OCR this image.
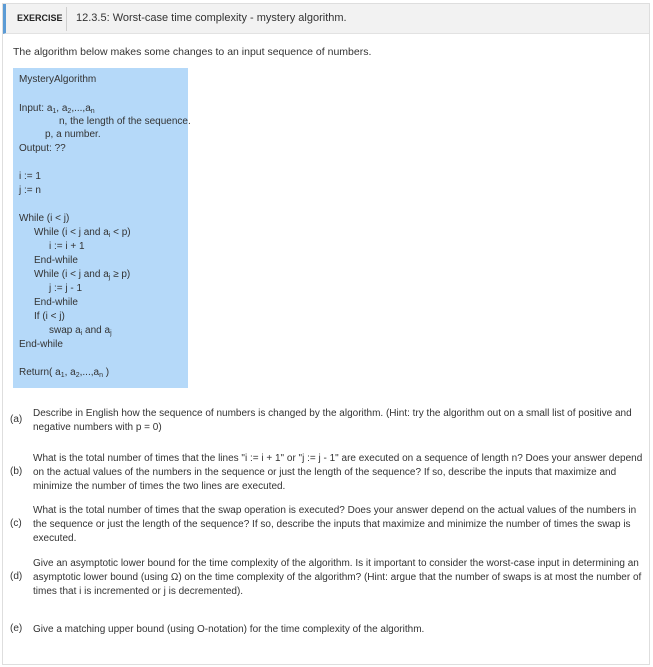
EXERCISE 12.3.5: Worst-case time complexity - mystery algorithm.
The algorithm below makes some changes to an input sequence of numbers.
MysteryAlgorithm
Input: $a_1$, $a_2,...,a_n$
n, the length of the sequence.
p, a number.
Output: ??
i := 1
j := n
While (i < j)
While (i < j and $a_i < p$)
i := i + 1
End-while
While (i < j and $a_j \ge p$)
j := j - 1
End-while
If (i < j)
swap $a_i$ and $a_j$
End-while
Return( $a_1$, $a_2,...,a_n$ )
(a)
Describe in English how the sequence of numbers is changed by the algorithm. (Hint: try the algorithm out on a small list of positive and negative numbers with p = 0)
(b)
What is the total number of times that the lines "i := i + 1" or "j := j - 1" are executed on a sequence of length n? Does your answer depend on the actual values of the numbers in the sequence or just the length of the sequence? If so, describe the inputs that maximize and minimize the number of times the two lines are executed.
(c)
What is the total number of times that the swap operation is executed? Does your answer depend on the actual values of the numbers in the sequence or just the length of the sequence? If so, describe the inputs that maximize and minimize the number of times the swap is executed.
(d)
Give an asymptotic lower bound for the time complexity of the algorithm. Is it important to consider the worst-case input in determining an asymptotic lower bound (using Ω) on the time complexity of the algorithm? (Hint: argue that the number of swaps is at most the number of times that i is incremented or j is decremented).
(e) Give a matching upper bound (using O-notation) for the time complexity of the algorithm.
